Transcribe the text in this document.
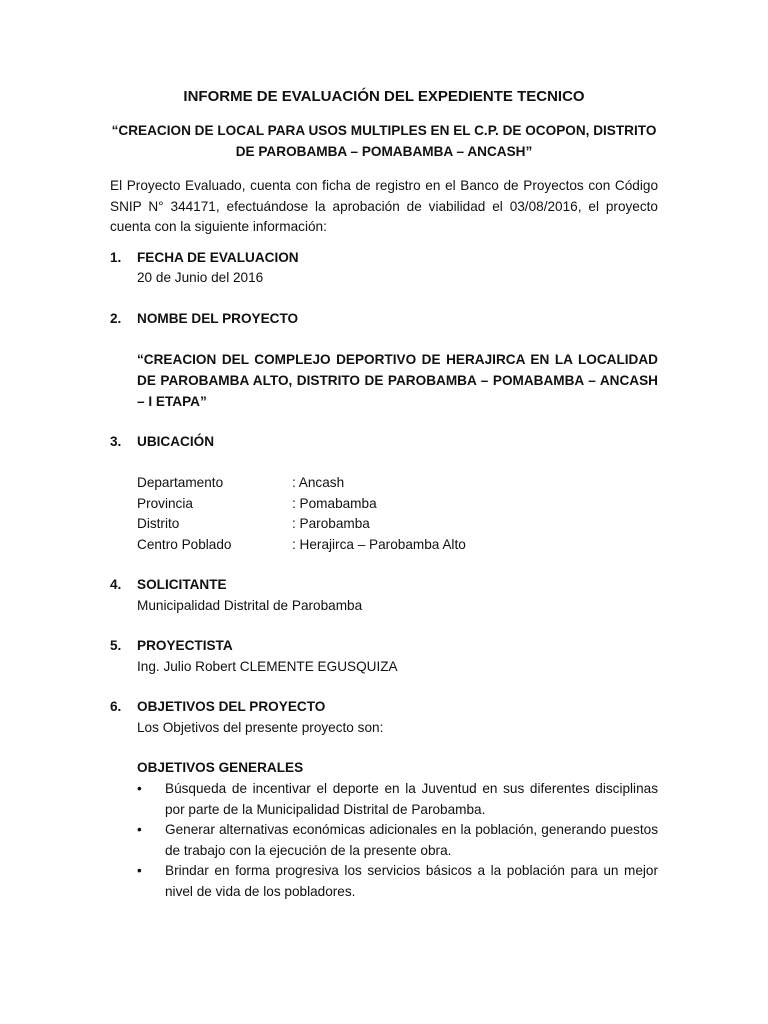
INFORME DE EVALUACIÓN DEL EXPEDIENTE TECNICO
“CREACION DE LOCAL PARA USOS MULTIPLES EN EL C.P. DE OCOPON, DISTRITO DE PAROBAMBA – POMABAMBA – ANCASH”
El Proyecto Evaluado, cuenta con ficha de registro en el Banco de Proyectos con Código SNIP N° 344171, efectuándose la aprobación de viabilidad el 03/08/2016, el proyecto cuenta con la siguiente información:
1. FECHA DE EVALUACION
20 de Junio del 2016
2. NOMBE DEL PROYECTO
“CREACION DEL COMPLEJO DEPORTIVO DE HERAJIRCA EN LA LOCALIDAD DE PAROBAMBA ALTO, DISTRITO DE PAROBAMBA – POMABAMBA – ANCASH – I ETAPA”
3. UBICACIÓN
Departamento	: Ancash
Provincia	: Pomabamba
Distrito	: Parobamba
Centro Poblado	: Herajirca – Parobamba Alto
4. SOLICITANTE
Municipalidad Distrital de Parobamba
5. PROYECTISTA
Ing. Julio Robert CLEMENTE EGUSQUIZA
6. OBJETIVOS DEL PROYECTO
Los Objetivos del presente proyecto son:
OBJETIVOS GENERALES
• Búsqueda de incentivar el deporte en la Juventud en sus diferentes disciplinas por parte de la Municipalidad Distrital de Parobamba.
• Generar alternativas económicas adicionales en la población, generando puestos de trabajo con la ejecución de la presente obra.
• Brindar en forma progresiva los servicios básicos a la población para un mejor nivel de vida de los pobladores.
